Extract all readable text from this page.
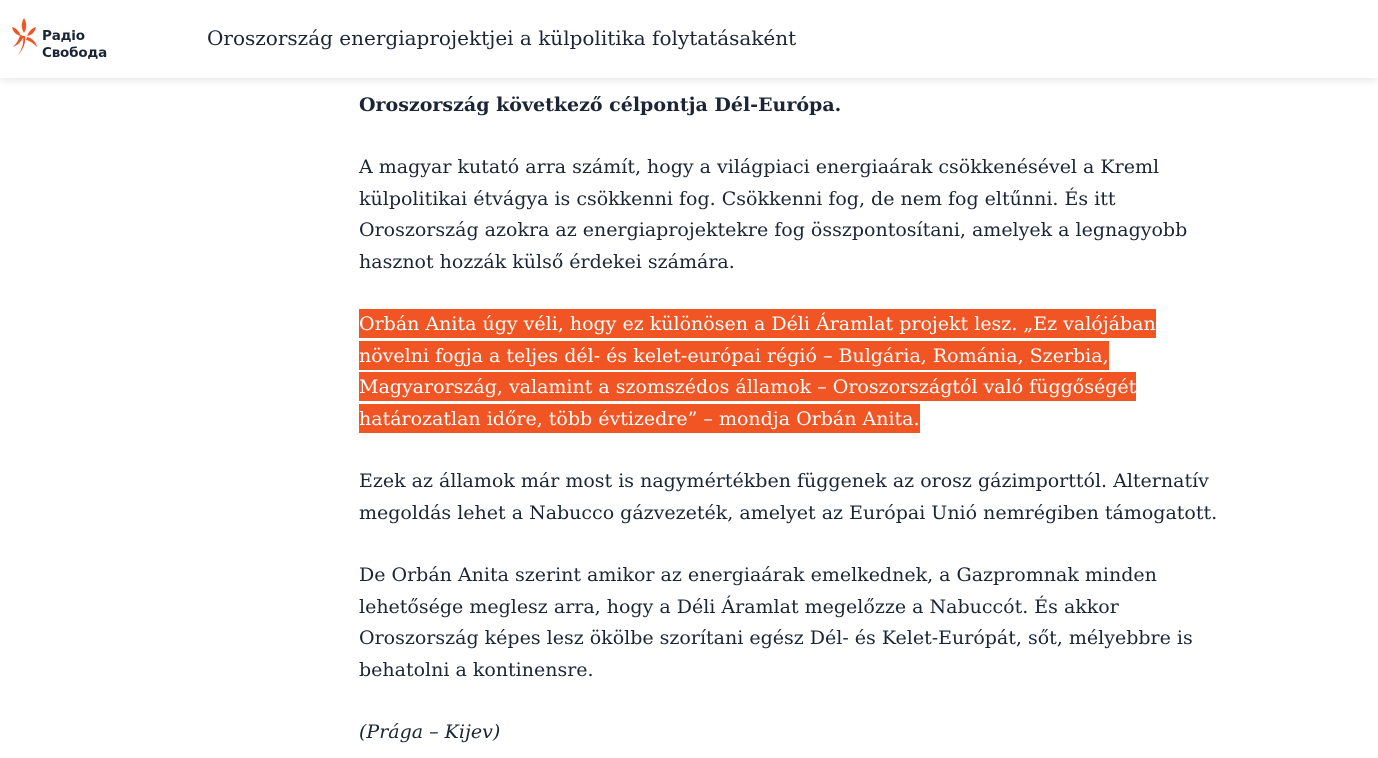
Радіо
Свобода
Oroszország energiaprojektjei a külpolitika folytatásaként

Oroszország következő célpontja Dél-Európa.

A magyar kutató arra számít, hogy a világpiaci energiaárak csökkenésével a Kreml

külpolitikai étvágya is csökkenni fog. Csökkenni fog, de nem fog eltűnni. És itt

Oroszország azokra az energiaprojektekre fog összpontosítani, amelyek a legnagyobb

hasznot hozzák külső érdekei számára.

Orbán Anita úgy véli, hogy ez különösen a Déli Áramlat projekt lesz. „Ez valójában

növelni fogja a teljes dél- és kelet-európai régió – Bulgária, Románia, Szerbia,

Magyarország, valamint a szomszédos államok – Oroszországtól való függőségét

határozatlan időre, több évtizedre” – mondja Orbán Anita.

Ezek az államok már most is nagymértékben függenek az orosz gázimporttól. Alternatív

megoldás lehet a Nabucco gázvezeték, amelyet az Európai Unió nemrégiben támogatott.

De Orbán Anita szerint amikor az energiaárak emelkednek, a Gazpromnak minden

lehetősége meglesz arra, hogy a Déli Áramlat megelőzze a Nabuccót. És akkor

Oroszország képes lesz ökölbe szorítani egész Dél- és Kelet-Európát, sőt, mélyebbre is

behatolni a kontinensre.

(Prága – Kijev)
